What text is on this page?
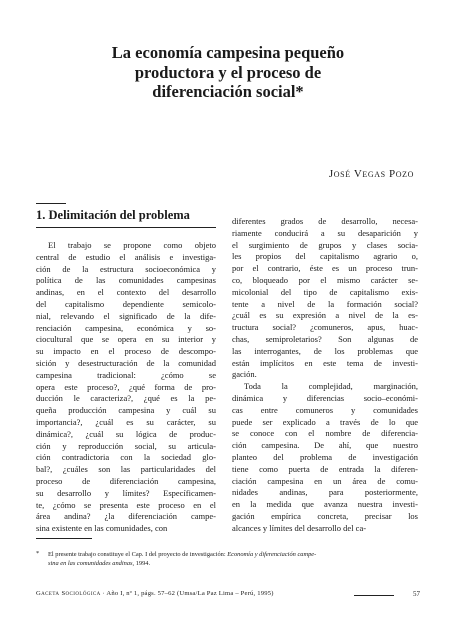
La economía campesina pequeño
productora y el proceso de
diferenciación social*
José Vegas Pozo
1. Delimitación del problema
El trabajo se propone como objeto
central de estudio el análisis e investiga-
ción de la estructura socioeconómica y
política de las comunidades campesinas
andinas, en el contexto del desarrollo
del capitalismo dependiente semicolo-
nial, relevando el significado de la dife-
renciación campesina, económica y so-
ciocultural que se opera en su interior y
su impacto en el proceso de descompo-
sición y desestructuración de la comunidad
campesina tradicional: ¿cómo se
opera este proceso?, ¿qué forma de pro-
ducción le caracteriza?, ¿qué es la pe-
queña producción campesina y cuál su
importancia?, ¿cuál es su carácter, su
dinámica?, ¿cuál su lógica de produc-
ción y reproducción social, su articula-
ción contradictoria con la sociedad glo-
bal?, ¿cuáles son las particularidades del
proceso de diferenciación campesina,
su desarrollo y límites? Específicamen-
te, ¿cómo se presenta este proceso en el
área andina? ¿la diferenciación campe-
sina existente en las comunidades, con
diferentes grados de desarrollo, necesa-
riamente conducirá a su desaparición y
el surgimiento de grupos y clases socia-
les propios del capitalismo agrario o,
por el contrario, éste es un proceso trun-
co, bloqueado por el mismo carácter se-
micolonial del tipo de capitalismo exis-
tente a nivel de la formación social?
¿cuál es su expresión a nivel de la es-
tructura social? ¿comuneros, apus, huac-
chas, semiproletarios? Son algunas de
las interrogantes, de los problemas que
están implícitos en este tema de investi-
gación.
Toda la complejidad, marginación,
dinámica y diferencias socio–económi-
cas entre comuneros y comunidades
puede ser explicado a través de lo que
se conoce con el nombre de diferencia-
ción campesina. De ahí, que nuestro
planteo del problema de investigación
tiene como puerta de entrada la diferen-
ciación campesina en un área de comu-
nidades andinas, para posteriormente,
en la medida que avanza nuestra investi-
gación empírica concreta, precisar los
alcances y límites del desarrollo del ca-
* El presente trabajo constituye el Cap. I del proyecto de investigación: Economía y diferenciación campe-
sina en las comunidades andinas, 1994.
Gaceta Sociológica · Año I, nº 1, págs. 57–62 (Umsa/La Paz Lima – Perú, 1995)	57
